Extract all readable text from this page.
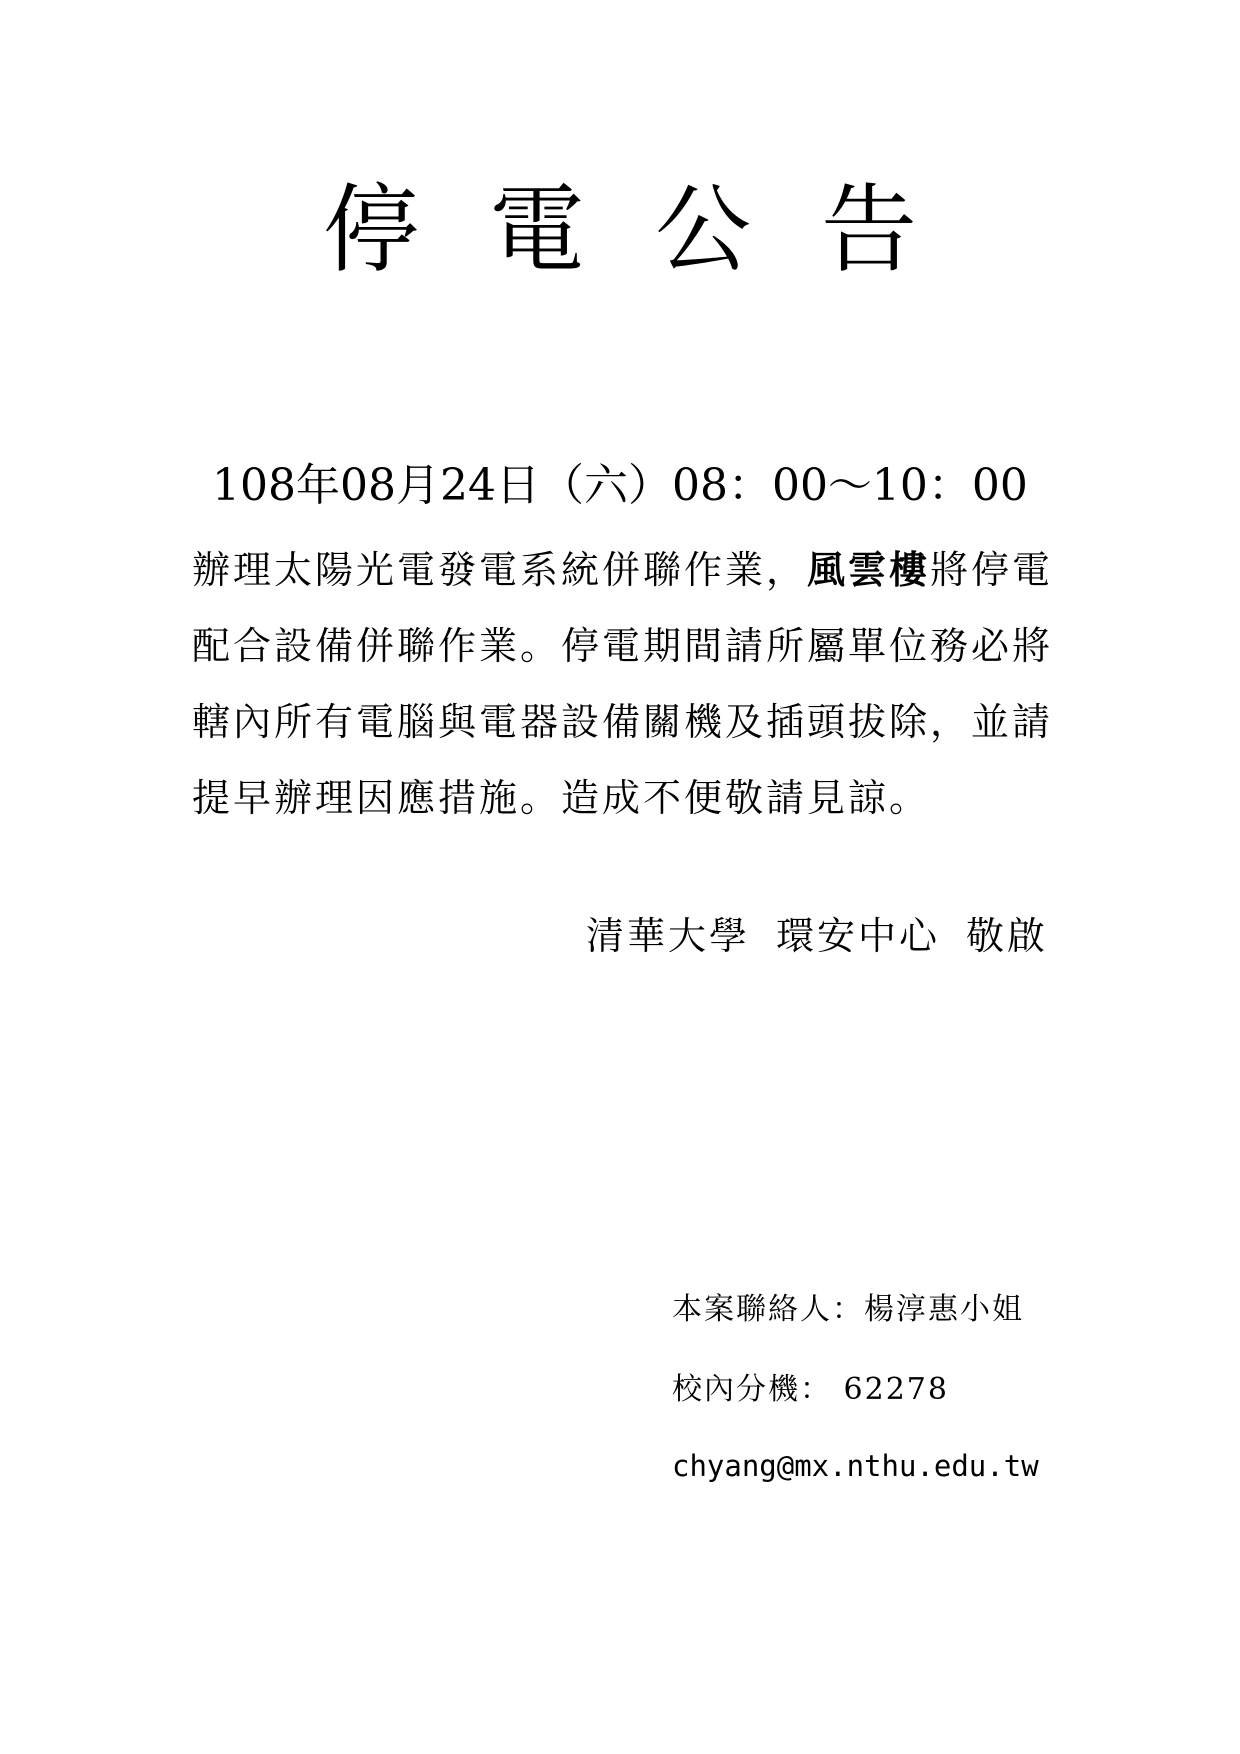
停電公告
108年08月24日（六）08：00～10：00
辦理太陽光電發電系統併聯作業，風雲樓將停電
配合設備併聯作業。停電期間請所屬單位務必將
轄內所有電腦與電器設備關機及插頭拔除，並請
提早辦理因應措施。造成不便敬請見諒。
清華大學 環安中心 敬啟
本案聯絡人：楊淳惠小姐
校內分機： 62278
chyang@mx.nthu.edu.tw
